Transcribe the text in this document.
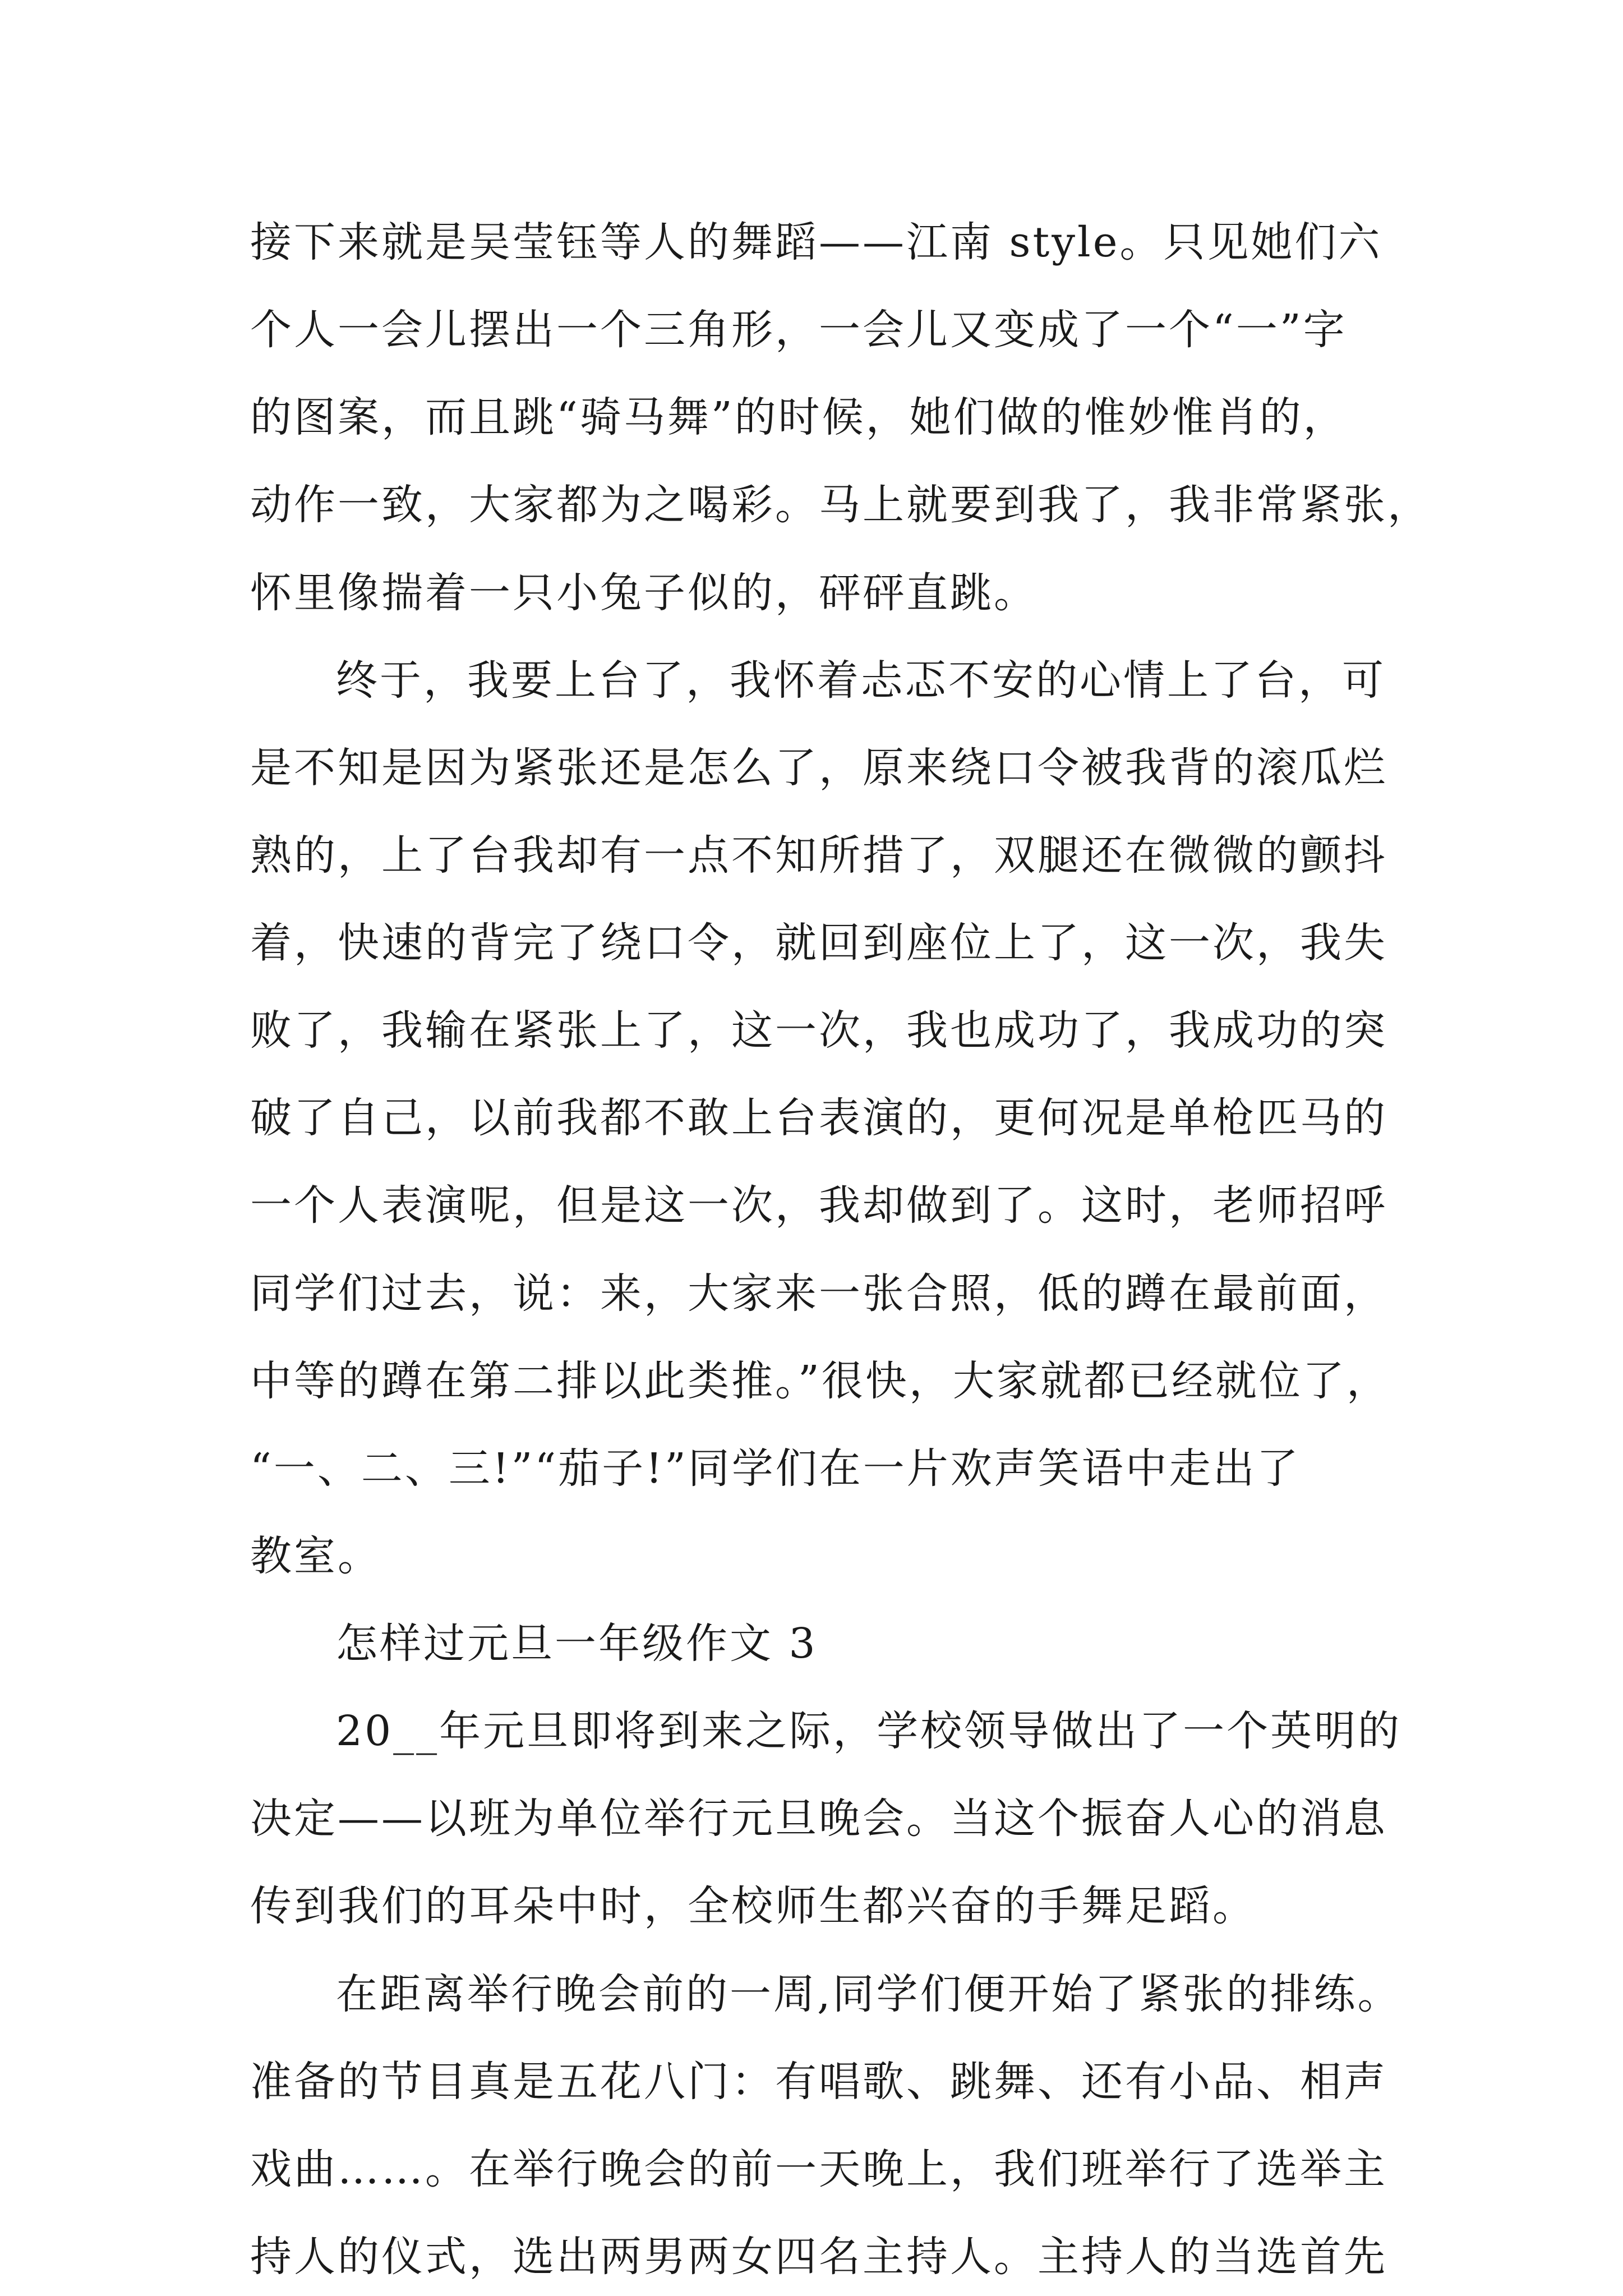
接下来就是吴莹钰等人的舞蹈——江南 style。只见她们六
个人一会儿摆出一个三角形，一会儿又变成了一个“一”字
的图案，而且跳“骑马舞”的时候，她们做的惟妙惟肖的，
动作一致，大家都为之喝彩。马上就要到我了，我非常紧张，
怀里像揣着一只小兔子似的，砰砰直跳。
终于，我要上台了，我怀着忐忑不安的心情上了台，可
是不知是因为紧张还是怎么了，原来绕口令被我背的滚瓜烂
熟的，上了台我却有一点不知所措了，双腿还在微微的颤抖
着，快速的背完了绕口令，就回到座位上了，这一次，我失
败了，我输在紧张上了，这一次，我也成功了，我成功的突
破了自己，以前我都不敢上台表演的，更何况是单枪匹马的
一个人表演呢，但是这一次，我却做到了。这时，老师招呼
同学们过去，说：来，大家来一张合照，低的蹲在最前面，
中等的蹲在第二排以此类推。”很快，大家就都已经就位了，
“一、二、三!”“茄子!”同学们在一片欢声笑语中走出了
教室。
怎样过元旦一年级作文 3
20__年元旦即将到来之际，学校领导做出了一个英明的
决定——以班为单位举行元旦晚会。当这个振奋人心的消息
传到我们的耳朵中时，全校师生都兴奋的手舞足蹈。
在距离举行晚会前的一周,同学们便开始了紧张的排练。
准备的节目真是五花八门：有唱歌、跳舞、还有小品、相声
戏曲……。在举行晚会的前一天晚上，我们班举行了选举主
持人的仪式，选出两男两女四名主持人。主持人的当选首先
